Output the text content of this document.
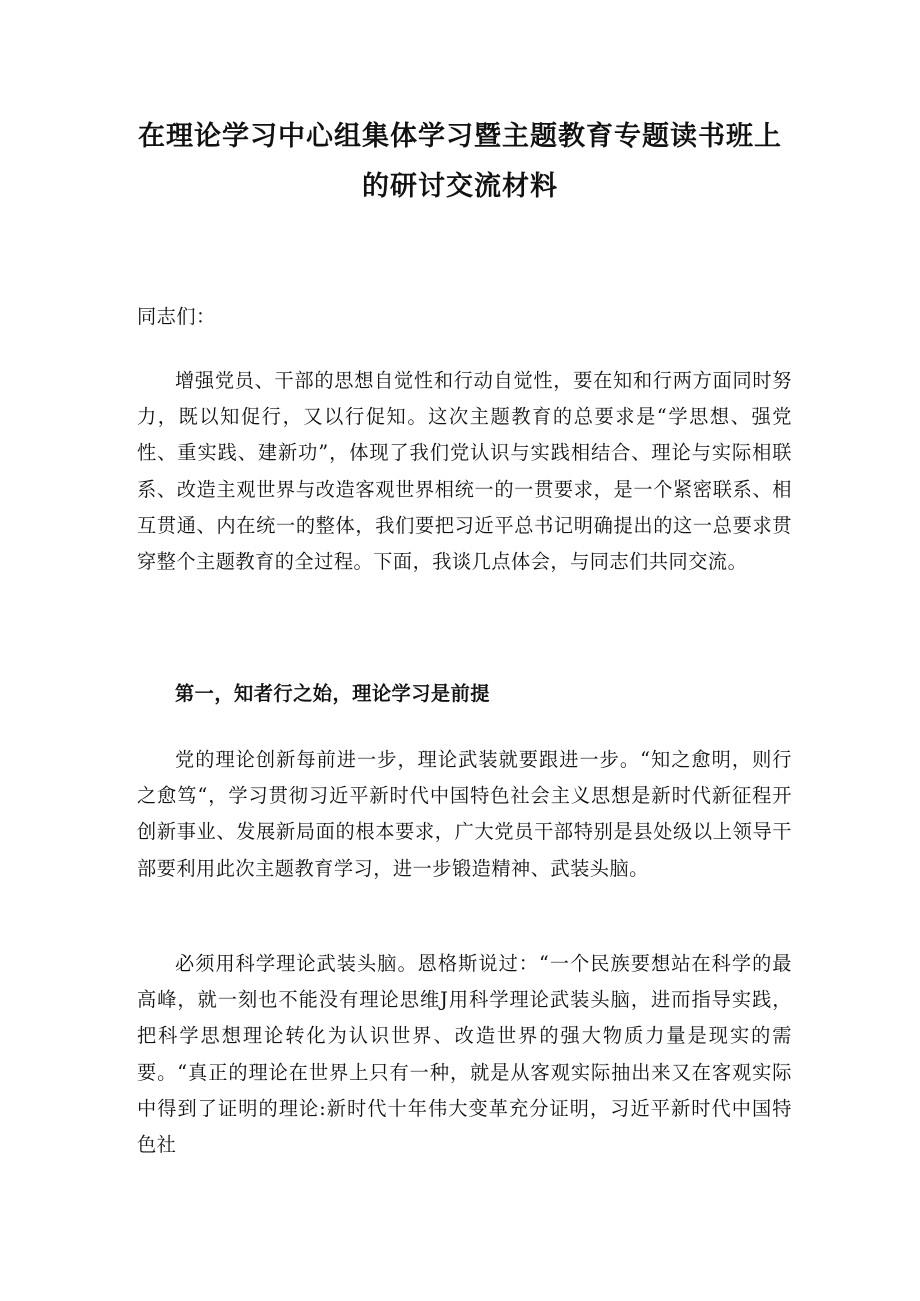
在理论学习中心组集体学习暨主题教育专题读书班上
的研讨交流材料

同志们：

增强党员、干部的思想自觉性和行动自觉性，要在知和行两方面同时努力，既以知促行，又以行促知。这次主题教育的总要求是“学思想、强党性、重实践、建新功”，体现了我们党认识与实践相结合、理论与实际相联系、改造主观世界与改造客观世界相统一的一贯要求，是一个紧密联系、相互贯通、内在统一的整体，我们要把习近平总书记明确提出的这一总要求贯穿整个主题教育的全过程。下面，我谈几点体会，与同志们共同交流。

第一，知者行之始，理论学习是前提

党的理论创新每前进一步，理论武装就要跟进一步。“知之愈明，则行之愈笃“，学习贯彻习近平新时代中国特色社会主义思想是新时代新征程开创新事业、发展新局面的根本要求，广大党员干部特别是县处级以上领导干部要利用此次主题教育学习，进一步锻造精神、武装头脑。

必须用科学理论武装头脑。恩格斯说过：“一个民族要想站在科学的最高峰，就一刻也不能没有理论思维J用科学理论武装头脑，进而指导实践，把科学思想理论转化为认识世界、改造世界的强大物质力量是现实的需要。“真正的理论在世界上只有一种，就是从客观实际抽出来又在客观实际中得到了证明的理论:新时代十年伟大变革充分证明，习近平新时代中国特色社
